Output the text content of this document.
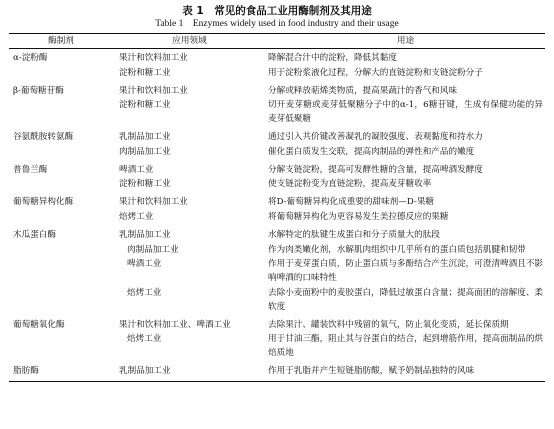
表 1　常见的食品工业用酶制剂及其用途
Table 1　Enzymes widely used in food industry and their usage
酶制剂	应用领域	用途
α-淀粉酶	果汁和饮料加工业	降解混合汁中的淀粉，降低其黏度
	淀粉和糖工业	用于淀粉浆液化过程，分解大的直链淀粉和支链淀粉分子
β-葡萄糖苷酶	果汁和饮料加工业	分解或释放萜烯类物质，提高果蔬汁的香气和风味
	淀粉和糖工业	切开麦芽糖或麦芽低聚糖分子中的α-1，6糖苷键，生成有保健功能的异麦芽低聚糖
谷氨酰胺转氨酶	乳制品加工业	通过引入共价键改善凝乳的凝胶强度、表观黏度和持水力
	肉制品加工业	催化蛋白质发生交联，提高肉制品的弹性和产品的嫩度
普鲁兰酶	啤酒工业	分解支链淀粉，提高可发酵性糖的含量，提高啤酒发酵度
	淀粉和糖工业	使支链淀粉变为直链淀粉，提高麦芽糖收率
葡萄糖异构化酶	果汁和饮料加工业	将D-葡萄糖异构化成重要的甜味剂—D-果糖
	焙烤工业	将葡萄糖异构化为更容易发生美拉德反应的果糖
木瓜蛋白酶	乳制品加工业	水解特定的肽键生成蛋白和分子质量大的肽段
	肉制品加工业	作为肉类嫩化剂，水解肌肉组织中几乎所有的蛋白质包括肌腱和韧带
	啤酒工业	作用于麦芽蛋白质，防止蛋白质与多酚结合产生沉淀，可澄清啤酒且不影响啤酒的口味特性
	焙烤工业	去除小麦面粉中的麦胶蛋白，降低过敏蛋白含量；提高面团的溶解度、柔软度
葡萄糖氧化酶	果汁和饮料加工业、啤酒工业	去除果汁、罐装饮料中残留的氧气，防止氧化变质，延长保质期
	焙烤工业	用于甘油三酯，阻止其与谷蛋白的结合，起到增筋作用，提高面制品的烘焙质地
脂肪酶	乳制品加工业	作用于乳脂并产生短链脂肪酸，赋予奶制品独特的风味
